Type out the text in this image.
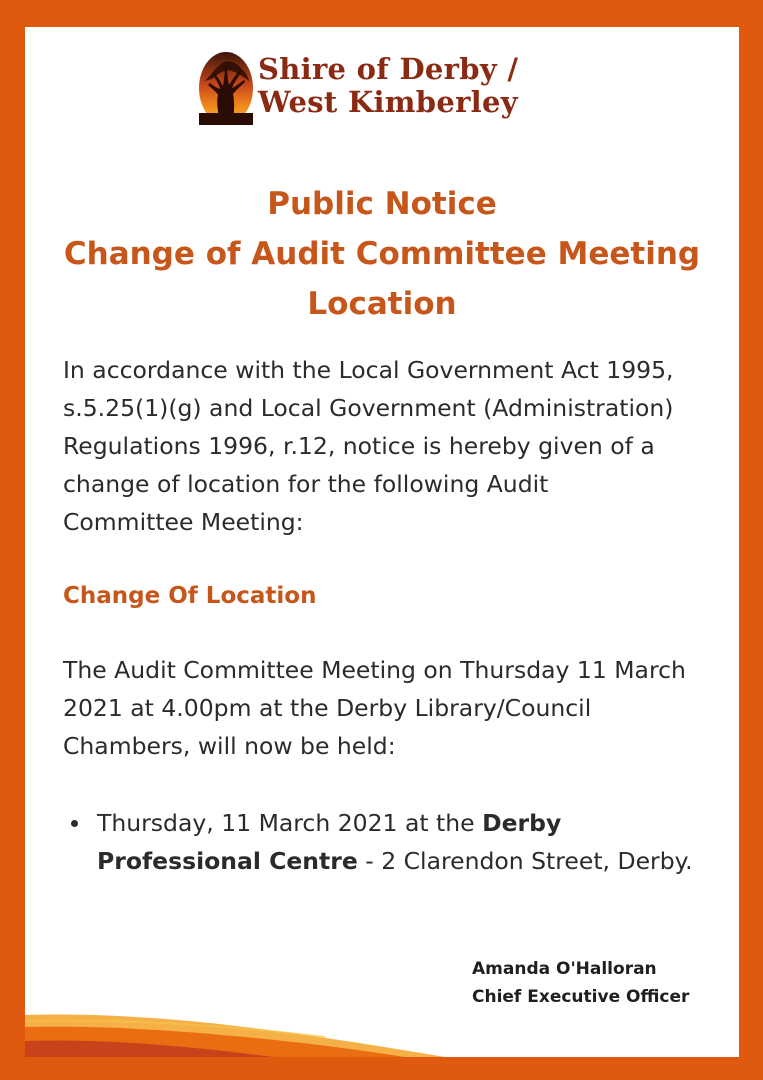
Shire of Derby /
West Kimberley
Public Notice
Change of Audit Committee Meeting
Location
In accordance with the Local Government Act 1995,
s.5.25(1)(g) and Local Government (Administration)
Regulations 1996, r.12, notice is hereby given of a
change of location for the following Audit
Committee Meeting:
Change Of Location
The Audit Committee Meeting on Thursday 11 March
2021 at 4.00pm at the Derby Library/Council
Chambers, will now be held:
Thursday, 11 March 2021 at the Derby
Professional Centre - 2 Clarendon Street, Derby.
Amanda O'Halloran
Chief Executive Officer
